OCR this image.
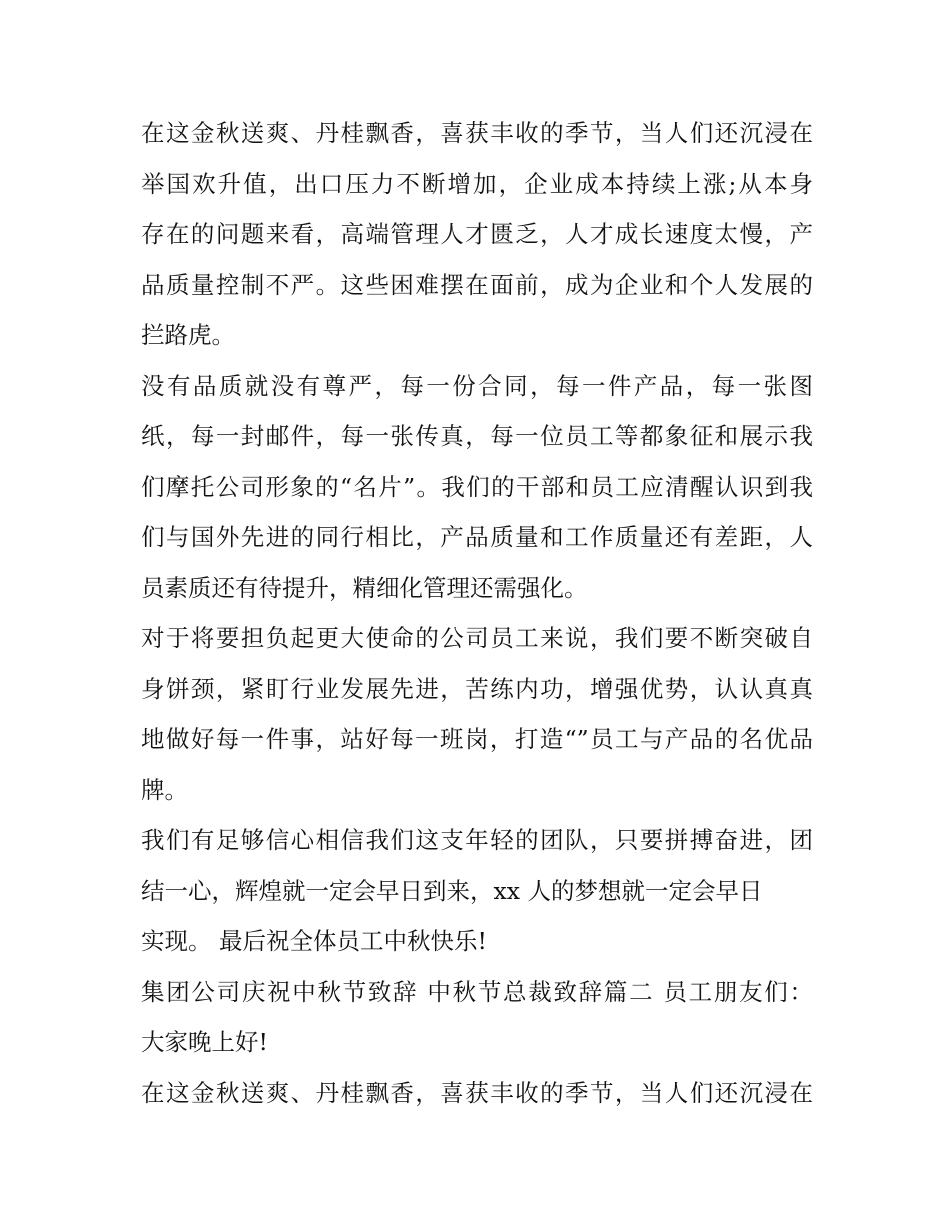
在这金秋送爽、丹桂飘香，喜获丰收的季节，当人们还沉浸在
举国欢升值，出口压力不断增加，企业成本持续上涨;从本身
存在的问题来看，高端管理人才匮乏，人才成长速度太慢，产
品质量控制不严。这些困难摆在面前，成为企业和个人发展的
拦路虎。
没有品质就没有尊严，每一份合同，每一件产品，每一张图
纸，每一封邮件，每一张传真，每一位员工等都象征和展示我
们摩托公司形象的“名片”。我们的干部和员工应清醒认识到我
们与国外先进的同行相比，产品质量和工作质量还有差距，人
员素质还有待提升，精细化管理还需强化。
对于将要担负起更大使命的公司员工来说，我们要不断突破自
身饼颈，紧盯行业发展先进，苦练内功，增强优势，认认真真
地做好每一件事，站好每一班岗，打造“”员工与产品的名优品
牌。
我们有足够信心相信我们这支年轻的团队，只要拼搏奋进，团
结一心，辉煌就一定会早日到来，xx 人的梦想就一定会早日
实现。 最后祝全体员工中秋快乐!
集团公司庆祝中秋节致辞 中秋节总裁致辞篇二 员工朋友们：
大家晚上好!
在这金秋送爽、丹桂飘香，喜获丰收的季节，当人们还沉浸在
